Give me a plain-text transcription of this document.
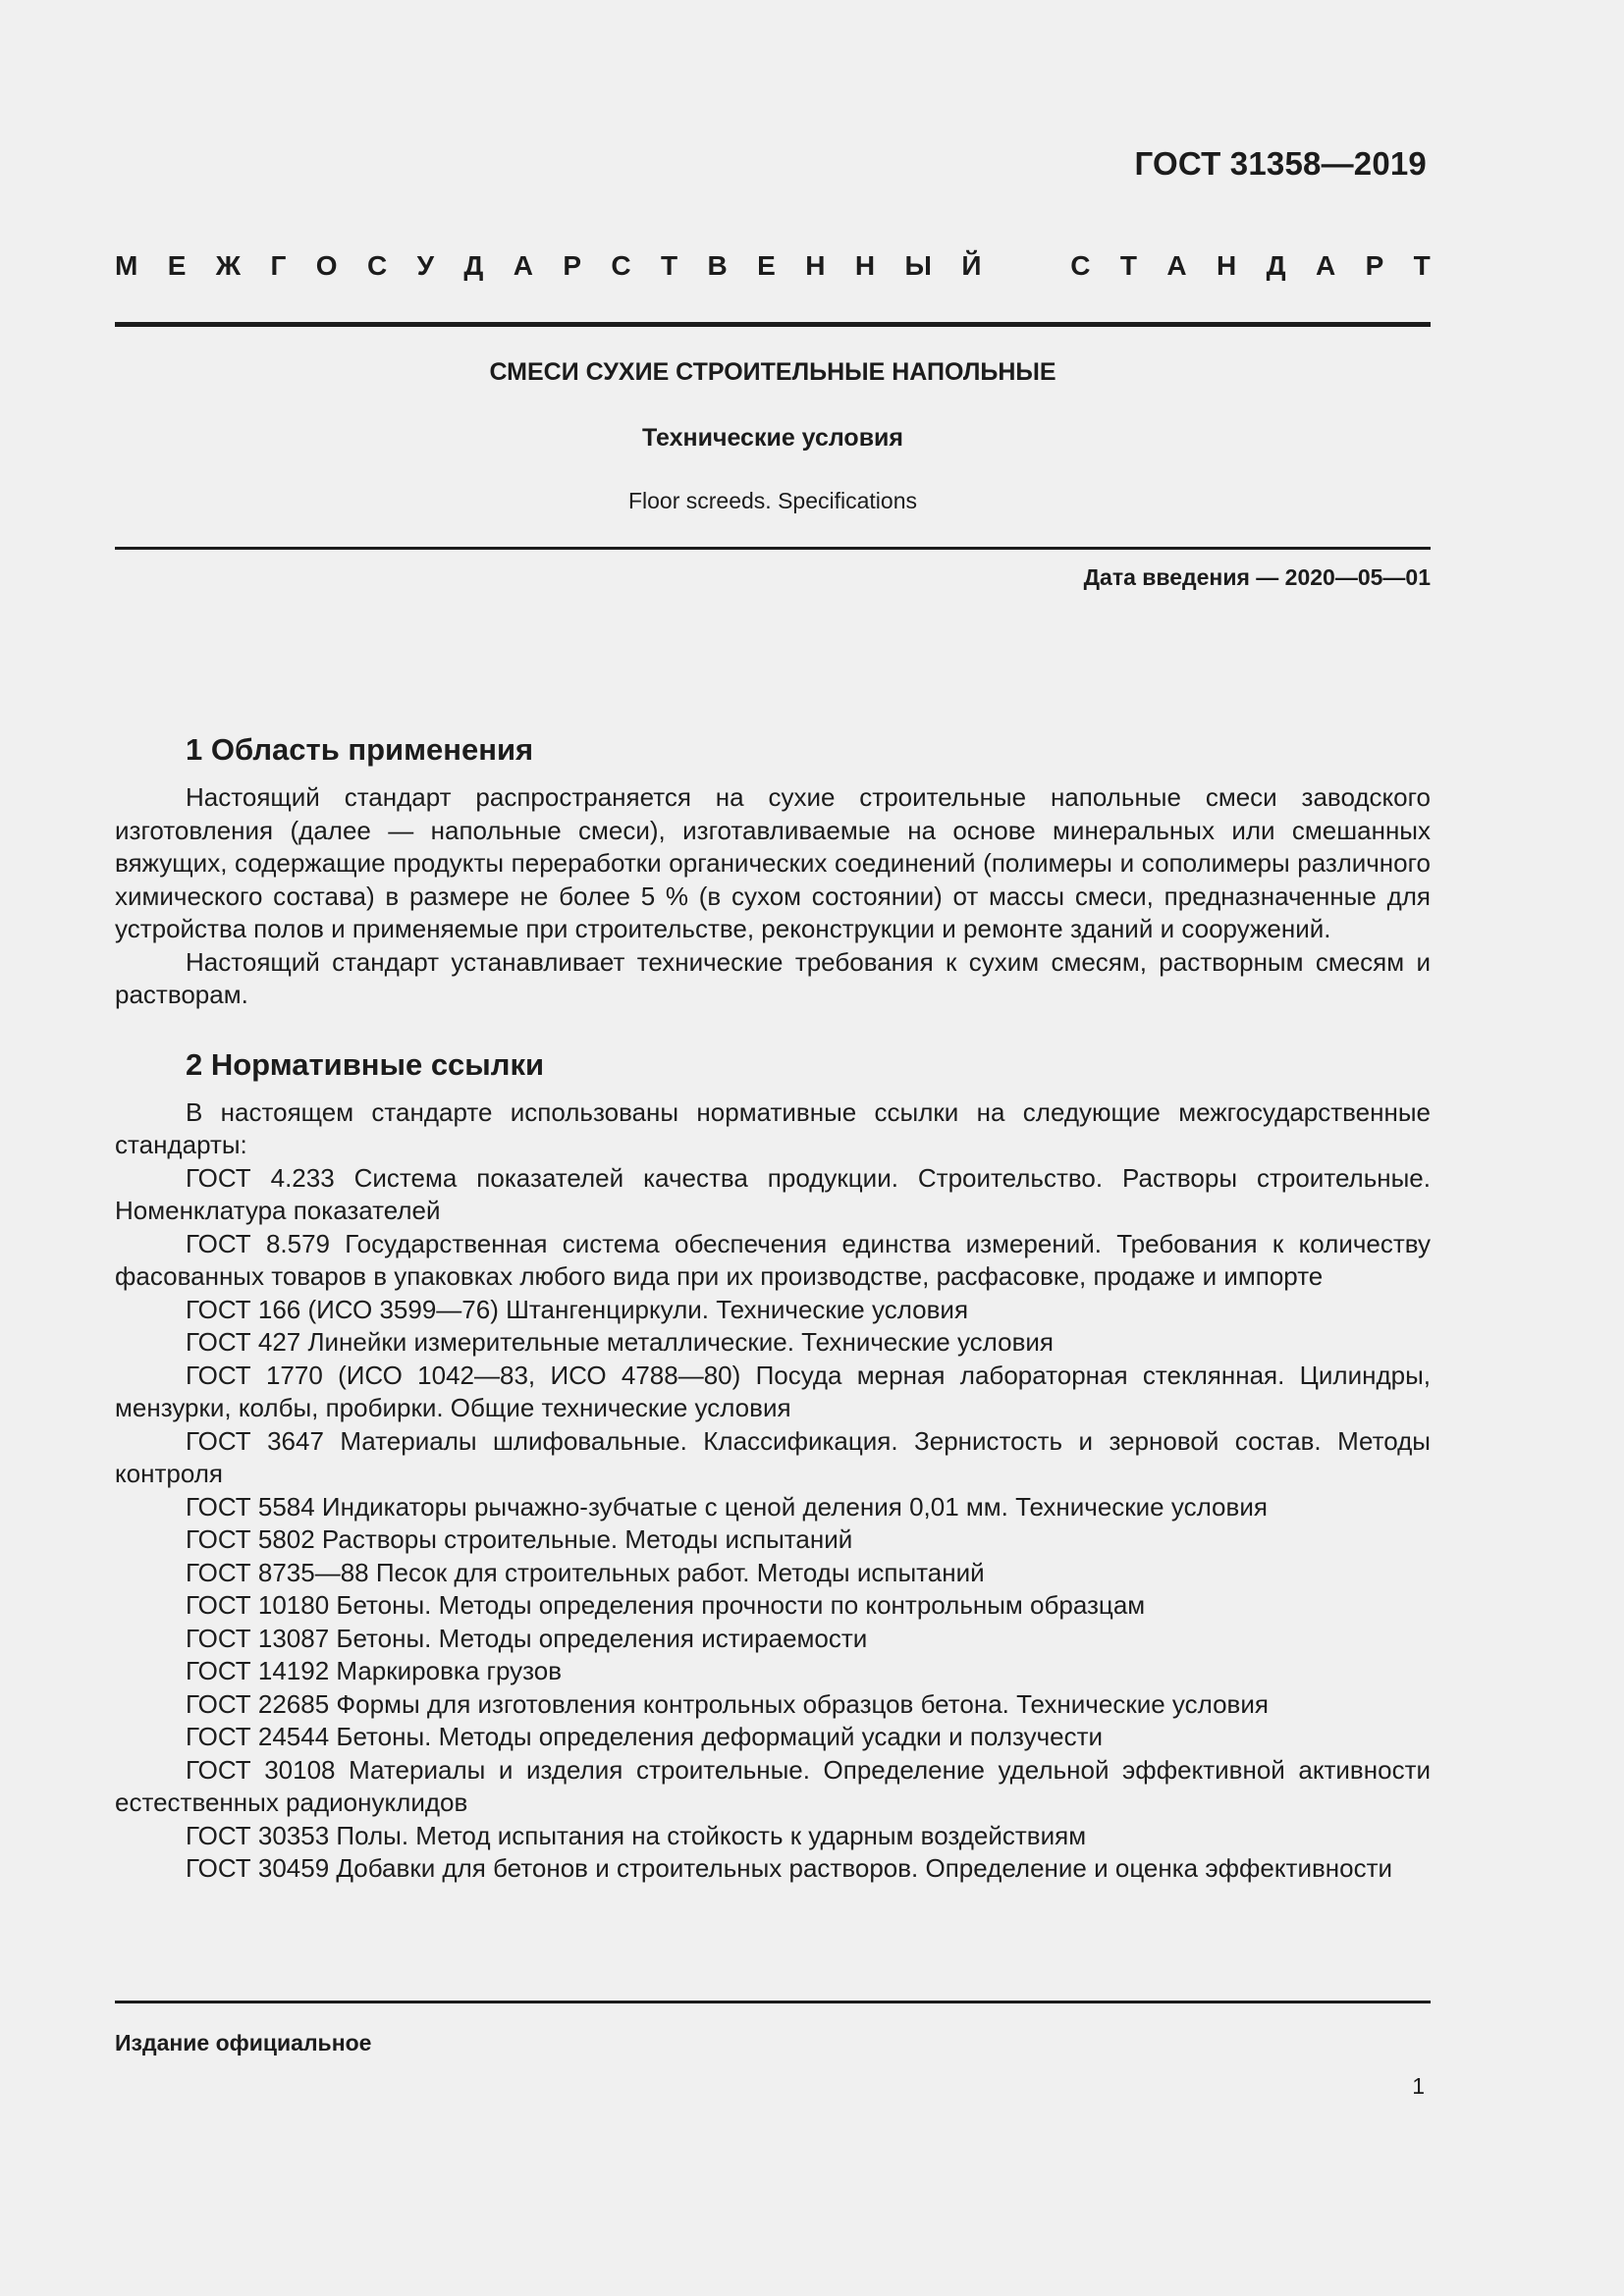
ГОСТ 31358—2019
М Е Ж Г О С У Д А Р С Т В Е Н Н Ы Й	С Т А Н Д А Р Т
СМЕСИ СУХИЕ СТРОИТЕЛЬНЫЕ НАПОЛЬНЫЕ
Технические условия
Floor screeds. Specifications
Дата введения — 2020—05—01
1 Область применения

Настоящий стандарт распространяется на сухие строительные напольные смеси заводского изготовления (далее — напольные смеси), изготавливаемые на основе минеральных или смешанных вяжущих, содержащие продукты переработки органических соединений (полимеры и сополимеры различного химического состава) в размере не более 5 % (в сухом состоянии) от массы смеси, предназначенные для устройства полов и применяемые при строительстве, реконструкции и ремонте зданий и сооружений.

Настоящий стандарт устанавливает технические требования к сухим смесям, растворным смесям и растворам.

2 Нормативные ссылки

В настоящем стандарте использованы нормативные ссылки на следующие межгосударственные стандарты:

ГОСТ 4.233 Система показателей качества продукции. Строительство. Растворы строительные. Номенклатура показателей

ГОСТ 8.579 Государственная система обеспечения единства измерений. Требования к количеству фасованных товаров в упаковках любого вида при их производстве, расфасовке, продаже и импорте

ГОСТ 166 (ИСО 3599—76) Штангенциркули. Технические условия

ГОСТ 427 Линейки измерительные металлические. Технические условия

ГОСТ 1770 (ИСО 1042—83, ИСО 4788—80) Посуда мерная лабораторная стеклянная. Цилиндры, мензурки, колбы, пробирки. Общие технические условия

ГОСТ 3647 Материалы шлифовальные. Классификация. Зернистость и зерновой состав. Методы контроля

ГОСТ 5584 Индикаторы рычажно-зубчатые с ценой деления 0,01 мм. Технические условия

ГОСТ 5802 Растворы строительные. Методы испытаний

ГОСТ 8735—88 Песок для строительных работ. Методы испытаний

ГОСТ 10180 Бетоны. Методы определения прочности по контрольным образцам

ГОСТ 13087 Бетоны. Методы определения истираемости

ГОСТ 14192 Маркировка грузов

ГОСТ 22685 Формы для изготовления контрольных образцов бетона. Технические условия

ГОСТ 24544 Бетоны. Методы определения деформаций усадки и ползучести

ГОСТ 30108 Материалы и изделия строительные. Определение удельной эффективной активности естественных радионуклидов

ГОСТ 30353 Полы. Метод испытания на стойкость к ударным воздействиям

ГОСТ 30459 Добавки для бетонов и строительных растворов. Определение и оценка эффективности

Издание официальное
1
